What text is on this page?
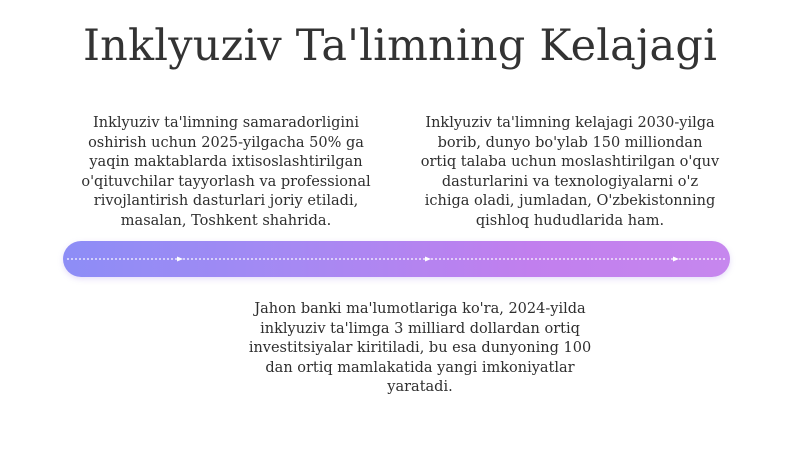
Inklyuziv Ta'limning Kelajagi

Inklyuziv ta'limning samaradorligini oshirish uchun 2025-yilgacha 50% ga yaqin maktablarda ixtisoslashtirilgan o'qituvchilar tayyorlash va professional rivojlantirish dasturlari joriy etiladi, masalan, Toshkent shahrida.

Inklyuziv ta'limning kelajagi 2030-yilga borib, dunyo bo'ylab 150 milliondan ortiq talaba uchun moslashtirilgan o'quv dasturlarini va texnologiyalarni o'z ichiga oladi, jumladan, O'zbekistonning qishloq hududlarida ham.

Jahon banki ma'lumotlariga ko'ra, 2024-yilda inklyuziv ta'limga 3 milliard dollardan ortiq investitsiyalar kiritiladi, bu esa dunyoning 100 dan ortiq mamlakatida yangi imkoniyatlar yaratadi.
